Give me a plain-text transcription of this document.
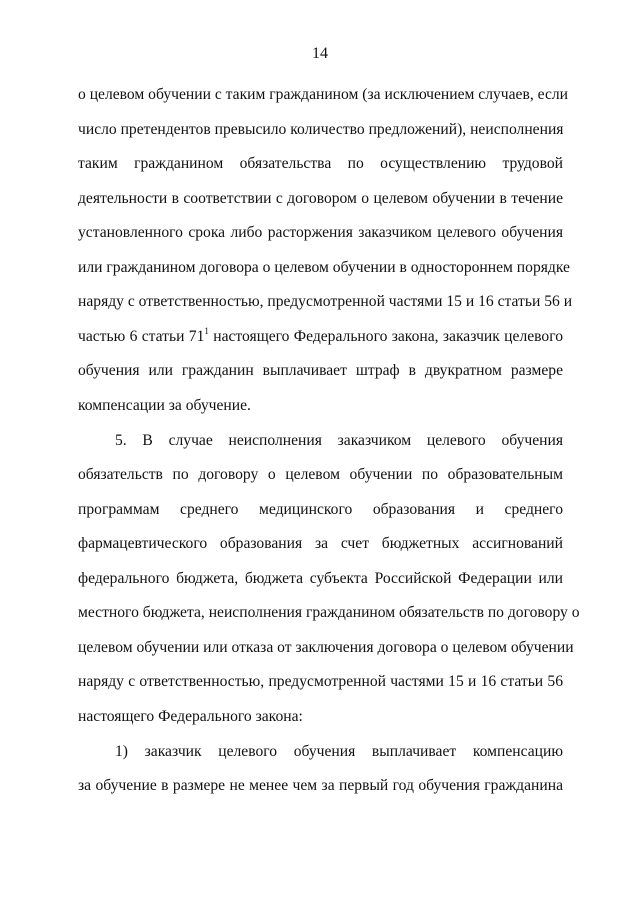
14
о целевом обучении с таким гражданином (за исключением случаев, если
число претендентов превысило количество предложений), неисполнения
таким гражданином обязательства по осуществлению трудовой
деятельности в соответствии с договором о целевом обучении в течение
установленного срока либо расторжения заказчиком целевого обучения
или гражданином договора о целевом обучении в одностороннем порядке
наряду с ответственностью, предусмотренной частями 15 и 16 статьи 56 и
частью 6 статьи $71^1$ настоящего Федерального закона, заказчик целевого
обучения или гражданин выплачивает штраф в двукратном размере
компенсации за обучение.
5. В случае неисполнения заказчиком целевого обучения
обязательств по договору о целевом обучении по образовательным
программам среднего медицинского образования и среднего
фармацевтического образования за счет бюджетных ассигнований
федерального бюджета, бюджета субъекта Российской Федерации или
местного бюджета, неисполнения гражданином обязательств по договору о
целевом обучении или отказа от заключения договора о целевом обучении
наряду с ответственностью, предусмотренной частями 15 и 16 статьи 56
настоящего Федерального закона:
1) заказчик целевого обучения выплачивает компенсацию
за обучение в размере не менее чем за первый год обучения гражданина
